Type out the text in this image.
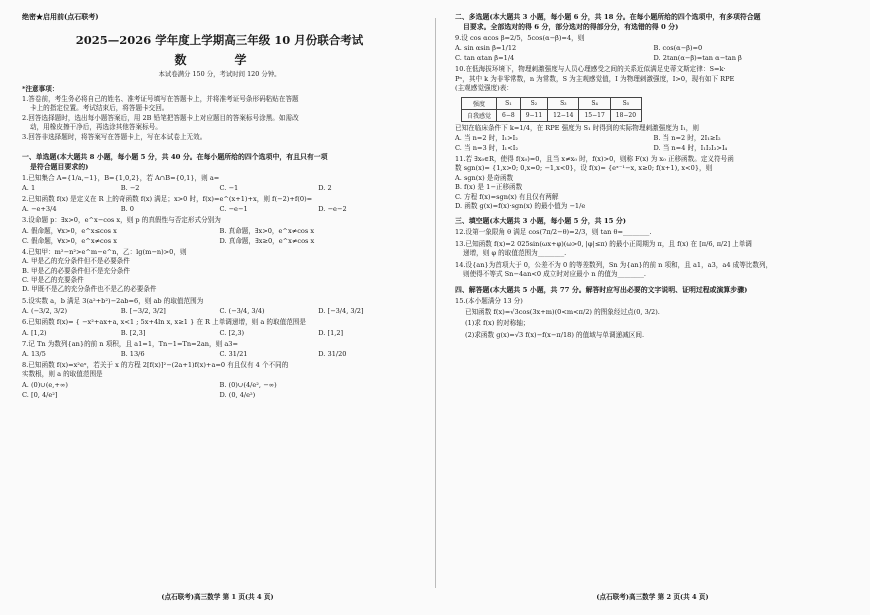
绝密★启用前(点石联考)
2025—2026 学年度上学期高三年级 10 月份联合考试
数　学
本试卷满分 150 分，考试时间 120 分钟。
*注意事项：
1.答卷前，考生务必将自己的姓名、准考证号填写在答题卡上，并将准考证号条形码粘贴在答题
卡上的指定位置。考试结束后，将答题卡交回。
2.回答选择题时，选出每小题答案后，用 2B 铅笔把答题卡上对应题目的答案标号涂黑。如需改
动，用橡皮擦干净后，再选涂其他答案标号。
3.回答非选择题时，将答案写在答题卡上，写在本试卷上无效。
一、单选题(本大题共 8 小题，每小题 5 分，共 40 分。在每小题所给的四个选项中，有且只有一项
是符合题目要求的)
1.已知集合 A={1/a,−1}，B={1,0,2}，若 A∩B={0,1}，则 a=
A. 1	B. −2	C. −1	D. 2
2.已知函数 f(x) 是定义在 R 上的奇函数 f(x) 满足；x>0 时，f(x)=e^(x+1)+x，则 f(−2)+f(0)=
A. −e+3/4	B. 0	C. −e−1	D. −e−2
3.设命题 p：∃x>0，e^x−cos x，则 p 的真假性与否定形式分别为
A. 假命题，∀x>0，e^x≤cos x	B. 真命题，∃x>0，e^x≠cos x
C. 假命题，∀x>0，e^x≠cos x	D. 真命题，∃x≥0，e^x≠cos x
4.已知甲：m²−n²>e^m−e^n，乙：lg(m−n)>0，则
A. 甲是乙的充分条件但不是必要条件
B. 甲是乙的必要条件但不是充分条件
C. 甲是乙的充要条件
D. 甲既不是乙的充分条件也不是乙的必要条件
5.设实数 a，b 满足 3(a²+b²)−2ab=6，则 ab 的取值范围为
A. (−3/2, 3/2)	B. [−3/2, 3/2]	C. (−3/4, 3/4)	D. [−3/4, 3/2]
6.已知函数 f(x)= { −x²+ax+a, x<1 ; 5x+4ln x, x≥1 } 在 R 上单调递增，则 a 的取值范围是
A. [1,2)	B. [2,3]	C. [2,3)	D. [1,2]
7.记 Tn 为数列{an}的前 n 项积，且 a1=1，Tn−1=Tn=2an，则 a3=
A. 13/5	B. 13/6	C. 31/21	D. 31/20
8.已知函数 f(x)=x²eˣ，若关于 x 的方程 2[f(x)]²−(2a+1)f(x)+a=0 有且仅有 4 个不同的
实数根，则 a 的取值范围是
A. (0)∪(e,+∞)	B. (0)∪(4/e², −∞)
C. [0, 4/e²]	D. (0, 4/e²)
(点石联考)高三数学 第 1 页(共 4 页)
二、多选题(本大题共 3 小题，每小题 6 分，共 18 分。在每小题所给的四个选项中，有多项符合题
目要求。全部选对的得 6 分，部分选对的得部分分，有选错的得 0 分)
9.设 cos αcos β=2/5，5cos(α−β)=4，则
A. sin αsin β=1/12	B. cos(α−β)=0
C. tan αtan β=1/4	D. 2tan(α−β)=tan α−tan β
10.在低海拔环境下，物理刺激强度与人员心理感受之间的关系近似满足史蒂文斯定律：S=k·
Pⁿ，其中 k 为非零常数，n 为常数，S 为主观感觉值，I 为物理刺激强度，I>0，现有如下 RPE
(主观感觉强度)表：
强度	S₁	S₂	S₃	S₄	S₅
自我感觉	6−8	9−11	12−14	15−17	18−20
已知在临床条件下 k=1/4，在 RPE 强度为 S₁ 时得到的实际物理刺激强度为 I₁，则
A. 当 n=2 时，I₁>I₂	B. 当 n=2 时，2I₁≥I₂
C. 当 n=3 时，I₁<I₂	D. 当 n=4 时，I₁I₂I₃>I₄
11.若 ∃x₀∈R，使得 f(x₀)=0，且当 x≠x₀ 时，f(x)>0，则称 F(x) 为 x₀ 正移函数。定义符号函
数 sgn(x)= {1,x>0; 0,x=0; −1,x<0}，设 f(x)= {eˣ⁻¹−x, x≥0; f(x+1), x<0}，则
A. sgn(x) 是奇函数
B. f(x) 是 1−正移函数
C. 方程 f(x)=sgn(x) 有且仅有两解
D. 函数 g(x)=f(x)·sgn(x) 的最小值为 −1/e
三、填空题(本大题共 3 小题，每小题 5 分，共 15 分)
12.设第一象限角 θ 满足 cos(7π/2−θ)=2/3，则 tan θ=________.
13.已知函数 f(x)=2 025sin(ωx+φ)(ω>0, |φ|≤π) 的最小正周期为 π，且 f(x) 在 [π/6, π/2] 上单调
递增，则 φ 的取值范围为________.
14.设{an}为首项大于 0，公差不为 0 的等差数列，Sn 为{an}的前 n 项和，且 a1，a3，a4 成等比数列，
则使得不等式 Sn−4an<0 成立时对应最小 n 的值为________.
四、解答题(本大题共 5 小题，共 77 分。解答时应写出必要的文字说明、证明过程或演算步骤)
15.(本小题满分 13 分)
已知函数 f(x)=√3cos(3x+m)(0<m<π/2) 的图象经过点(0, 3/2).
(1)求 f(x) 的对称轴；
(2)求函数 g(x)=√3 f(x)−f(x−π/18) 的值域与单调递减区间.
(点石联考)高三数学 第 2 页(共 4 页)
